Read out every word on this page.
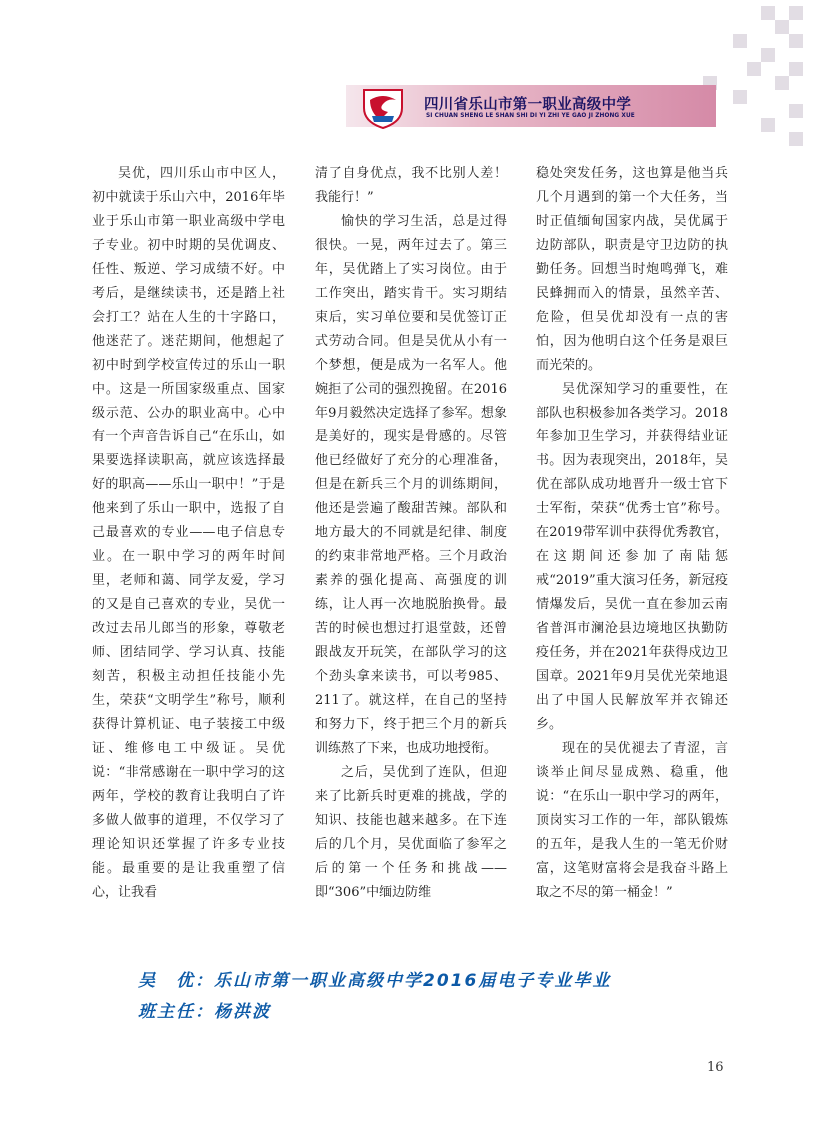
四川省乐山市第一职业高级中学
SI CHUAN SHENG LE SHAN SHI DI YI ZHI YE GAO JI ZHONG XUE

吴优，四川乐山市中区人，初中就读于乐山六中，2016年毕业于乐山市第一职业高级中学电子专业。初中时期的吴优调皮、任性、叛逆、学习成绩不好。中考后，是继续读书，还是踏上社会打工？站在人生的十字路口，他迷茫了。迷茫期间，他想起了初中时到学校宣传过的乐山一职中。这是一所国家级重点、国家级示范、公办的职业高中。心中有一个声音告诉自己“在乐山，如果要选择读职高，就应该选择最好的职高——乐山一职中！”于是他来到了乐山一职中，选报了自己最喜欢的专业——电子信息专业。在一职中学习的两年时间里，老师和蔼、同学友爱，学习的又是自己喜欢的专业，吴优一改过去吊儿郎当的形象，尊敬老师、团结同学、学习认真、技能刻苦，积极主动担任技能小先生，荣获“文明学生”称号，顺利获得计算机证、电子装接工中级证、维修电工中级证。吴优说：“非常感谢在一职中学习的这两年，学校的教育让我明白了许多做人做事的道理，不仅学习了理论知识还掌握了许多专业技能。最重要的是让我重塑了信心，让我看

清了自身优点，我不比别人差！我能行！”

愉快的学习生活，总是过得很快。一晃，两年过去了。第三年，吴优踏上了实习岗位。由于工作突出，踏实肯干。实习期结束后，实习单位要和吴优签订正式劳动合同。但是吴优从小有一个梦想，便是成为一名军人。他婉拒了公司的强烈挽留。在2016年9月毅然决定选择了参军。想象是美好的，现实是骨感的。尽管他已经做好了充分的心理准备，但是在新兵三个月的训练期间，他还是尝遍了酸甜苦辣。部队和地方最大的不同就是纪律、制度的约束非常地严格。三个月政治素养的强化提高、高强度的训练，让人再一次地脱胎换骨。最苦的时候也想过打退堂鼓，还曾跟战友开玩笑，在部队学习的这个劲头拿来读书，可以考985、211了。就这样，在自己的坚持和努力下，终于把三个月的新兵训练熬了下来，也成功地授衔。

之后，吴优到了连队，但迎来了比新兵时更难的挑战，学的知识、技能也越来越多。在下连后的几个月，吴优面临了参军之后的第一个任务和挑战——即“306”中缅边防维

稳处突发任务，这也算是他当兵几个月遇到的第一个大任务，当时正值缅甸国家内战，吴优属于边防部队，职责是守卫边防的执勤任务。回想当时炮鸣弹飞，难民蜂拥而入的情景，虽然辛苦、危险，但吴优却没有一点的害怕，因为他明白这个任务是艰巨而光荣的。

吴优深知学习的重要性，在部队也积极参加各类学习。2018年参加卫生学习，并获得结业证书。因为表现突出，2018年，吴优在部队成功地晋升一级士官下士军衔，荣获“优秀士官”称号。在2019带军训中获得优秀教官，在这期间还参加了南陆惩戒“2019”重大演习任务，新冠疫情爆发后，吴优一直在参加云南省普洱市澜沧县边境地区执勤防疫任务，并在2021年获得戍边卫国章。2021年9月吴优光荣地退出了中国人民解放军并衣锦还乡。

现在的吴优褪去了青涩，言谈举止间尽显成熟、稳重，他说：“在乐山一职中学习的两年，顶岗实习工作的一年，部队锻炼的五年，是我人生的一笔无价财富，这笔财富将会是我奋斗路上取之不尽的第一桶金！”

吴　优：乐山市第一职业高级中学2016届电子专业毕业
班主任：杨洪波
16
